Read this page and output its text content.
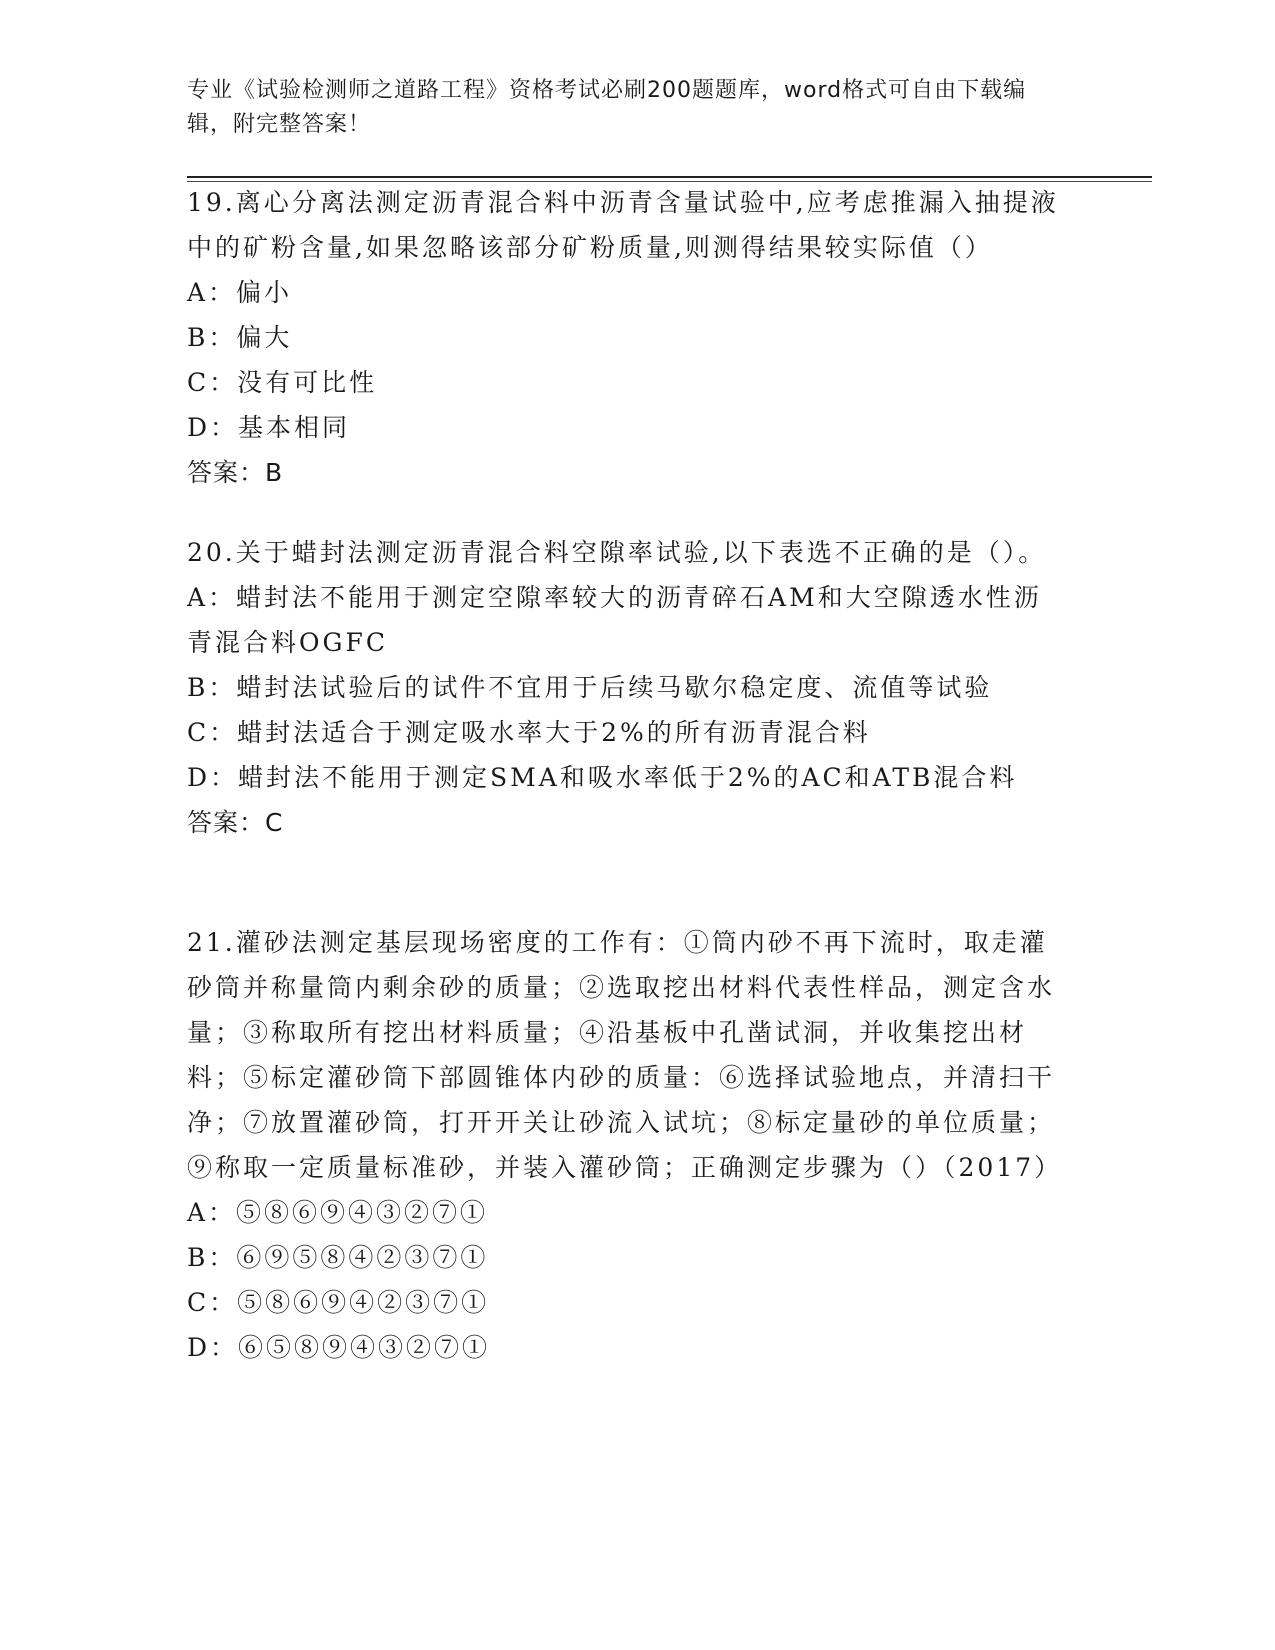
专业《试验检测师之道路工程》资格考试必刷200题题库，word格式可自由下载编辑，附完整答案！
19.离心分离法测定沥青混合料中沥青含量试验中,应考虑推漏入抽提液中的矿粉含量,如果忽略该部分矿粉质量,则测得结果较实际值（）
A：偏小
B：偏大
C：没有可比性
D：基本相同
答案：B
20.关于蜡封法测定沥青混合料空隙率试验,以下表选不正确的是（）。
A：蜡封法不能用于测定空隙率较大的沥青碎石AM和大空隙透水性沥青混合料OGFC
B：蜡封法试验后的试件不宜用于后续马歇尔稳定度、流值等试验
C：蜡封法适合于测定吸水率大于2%的所有沥青混合料
D：蜡封法不能用于测定SMA和吸水率低于2%的AC和ATB混合料
答案：C
21.灌砂法测定基层现场密度的工作有：①筒内砂不再下流时，取走灌砂筒并称量筒内剩余砂的质量；②选取挖出材料代表性样品，测定含水量；③称取所有挖出材料质量；④沿基板中孔凿试洞，并收集挖出材料；⑤标定灌砂筒下部圆锥体内砂的质量：⑥选择试验地点，并清扫干净；⑦放置灌砂筒，打开开关让砂流入试坑；⑧标定量砂的单位质量；⑨称取一定质量标准砂，并装入灌砂筒；正确测定步骤为（）（2017）
A：⑤⑧⑥⑨④③②⑦①
B：⑥⑨⑤⑧④②③⑦①
C：⑤⑧⑥⑨④②③⑦①
D：⑥⑤⑧⑨④③②⑦①
